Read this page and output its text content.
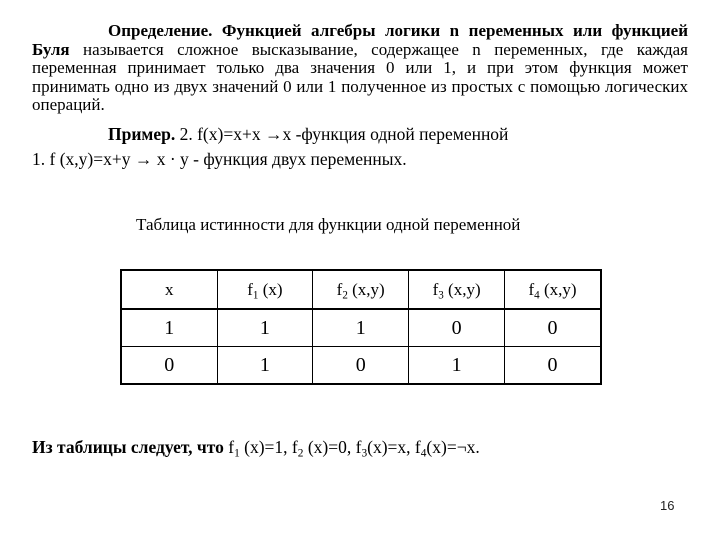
Определение. Функцией алгебры логики n переменных или функцией Буля называется сложное высказывание, содержащее n переменных, где каждая переменная принимает только два значения 0 или 1, и при этом функция может принимать одно из двух значений 0 или 1 полученное из простых с помощью логических операций.
Пример. 2. f(x)=x+x →x -функция одной переменной
1. f (x,y)=x+y → x · y - функция двух переменных.
Таблица истинности для функции одной переменной
x	$f_1$ (x)	$f_2$ (x,y)	$f_3$ (x,y)	$f_4$ (x,y)
1	1	1	0	0
0	1	0	1	0
Из таблицы следует, что $f_1$ (x)=1, $f_2$ (x)=0, $f_3(x)=x$, $f_4(x)=\neg x$.
16
